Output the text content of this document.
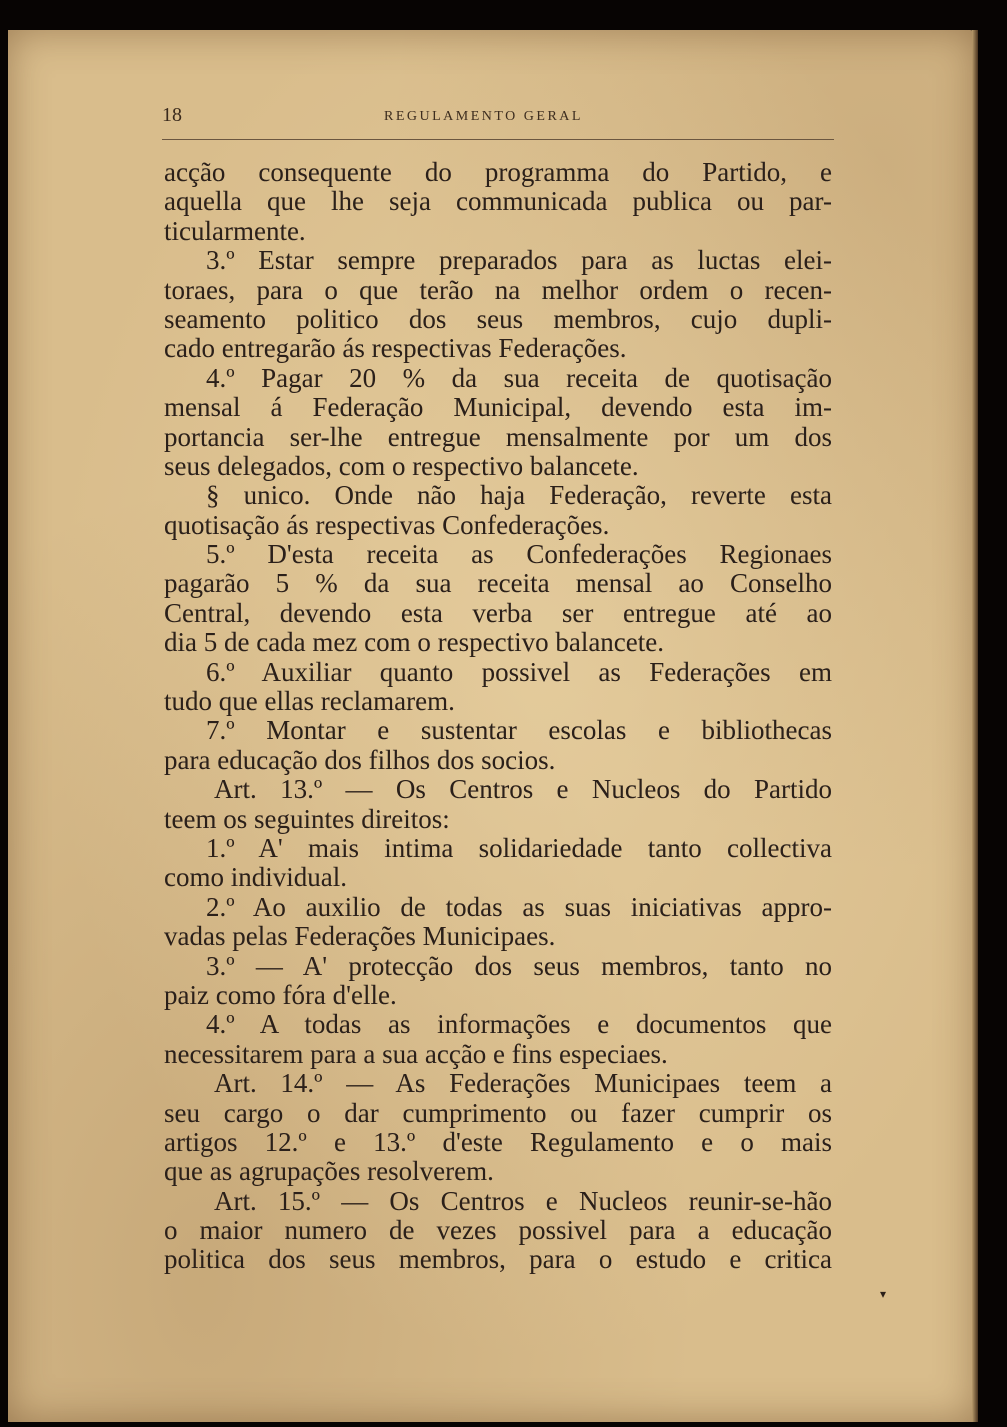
18	REGULAMENTO GERAL
acção consequente do programma do Partido, e
aquella que lhe seja communicada publica ou par-
ticularmente.
3.º Estar sempre preparados para as luctas elei-
toraes, para o que terão na melhor ordem o recen-
seamento politico dos seus membros, cujo dupli-
cado entregarão ás respectivas Federações.
4.º Pagar 20 % da sua receita de quotisação
mensal á Federação Municipal, devendo esta im-
portancia ser-lhe entregue mensalmente por um dos
seus delegados, com o respectivo balancete.
§ unico. Onde não haja Federação, reverte esta
quotisação ás respectivas Confederações.
5.º D'esta receita as Confederações Regionaes
pagarão 5 % da sua receita mensal ao Conselho
Central, devendo esta verba ser entregue até ao
dia 5 de cada mez com o respectivo balancete.
6.º Auxiliar quanto possivel as Federações em
tudo que ellas reclamarem.
7.º Montar e sustentar escolas e bibliothecas
para educação dos filhos dos socios.
Art. 13.º — Os Centros e Nucleos do Partido
teem os seguintes direitos:
1.º A' mais intima solidariedade tanto collectiva
como individual.
2.º Ao auxilio de todas as suas iniciativas appro-
vadas pelas Federações Municipaes.
3.º — A' protecção dos seus membros, tanto no
paiz como fóra d'elle.
4.º A todas as informações e documentos que
necessitarem para a sua acção e fins especiaes.
Art. 14.º — As Federações Municipaes teem a
seu cargo o dar cumprimento ou fazer cumprir os
artigos 12.º e 13.º d'este Regulamento e o mais
que as agrupações resolverem.
Art. 15.º — Os Centros e Nucleos reunir-se-hão
o maior numero de vezes possivel para a educação
politica dos seus membros, para o estudo e critica
▾
